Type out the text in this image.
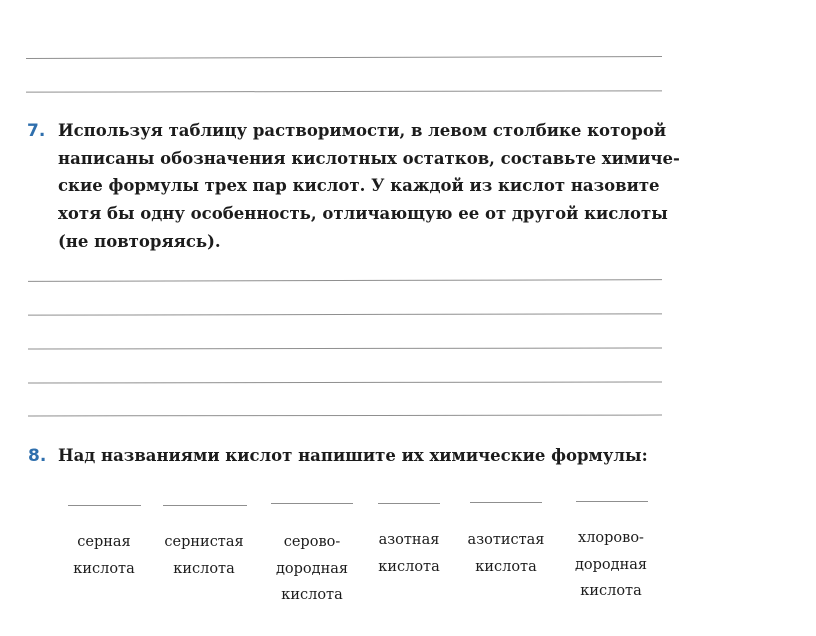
7. Используя таблицу растворимости, в левом столбике которой
написаны обозначения кислотных остатков, составьте химиче-
ские формулы трех пар кислот. У каждой из кислот назовите
хотя бы одну особенность, отличающую ее от другой кислоты
(не повторяясь).
8. Над названиями кислот напишите их химические формулы:
серная
кислота
сернистая
кислота
серово-
дородная
кислота
азотная
кислота
азотистая
кислота
хлорово-
дородная
кислота
